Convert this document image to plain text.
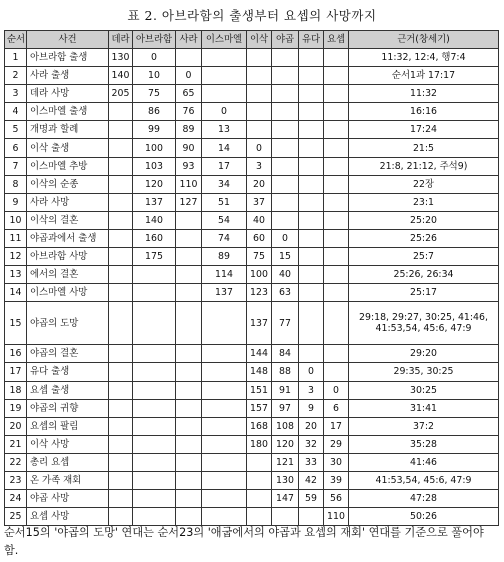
표 2. 아브라함의 출생부터 요셉의 사망까지
순서	사건	데라	아브라함	사라	이스마엘	이삭	야곱	유다	요셉	근거(창세기)
1	아브라함 출생	130	0							11:32, 12:4, 행7:4
2	사라 출생	140	10	0						순서1과 17:17
3	데라 사망	205	75	65						11:32
4	이스마엘 출생		86	76	0					16:16
5	개명과 할례		99	89	13					17:24
6	이삭 출생		100	90	14	0				21:5
7	이스마엘 추방		103	93	17	3				21:8, 21:12, 주석9)
8	이삭의 순종		120	110	34	20				22장
9	사라 사망		137	127	51	37				23:1
10	이삭의 결혼		140		54	40				25:20
11	야곱과에서 출생		160		74	60	0			25:26
12	아브라함 사망		175		89	75	15			25:7
13	에서의 결혼				114	100	40			25:26, 26:34
14	이스마엘 사망				137	123	63			25:17
15	야곱의 도망					137	77			29:18, 29:27, 30:25, 41:46, 41:53,54, 45:6, 47:9
16	야곱의 결혼					144	84			29:20
17	유다 출생					148	88	0		29:35, 30:25
18	요셉 출생					151	91	3	0	30:25
19	야곱의 귀향					157	97	9	6	31:41
20	요셉의 팔림					168	108	20	17	37:2
21	이삭 사망					180	120	32	29	35:28
22	총리 요셉						121	33	30	41:46
23	온 가족 재회						130	42	39	41:53,54, 45:6, 47:9
24	야곱 사망						147	59	56	47:28
25	요셉 사망								110	50:26
순서15의 '야곱의 도망' 연대는 순서23의 '애굽에서의 야곱과 요셉의 재회' 연대를 기준으로 풀어야 함.
